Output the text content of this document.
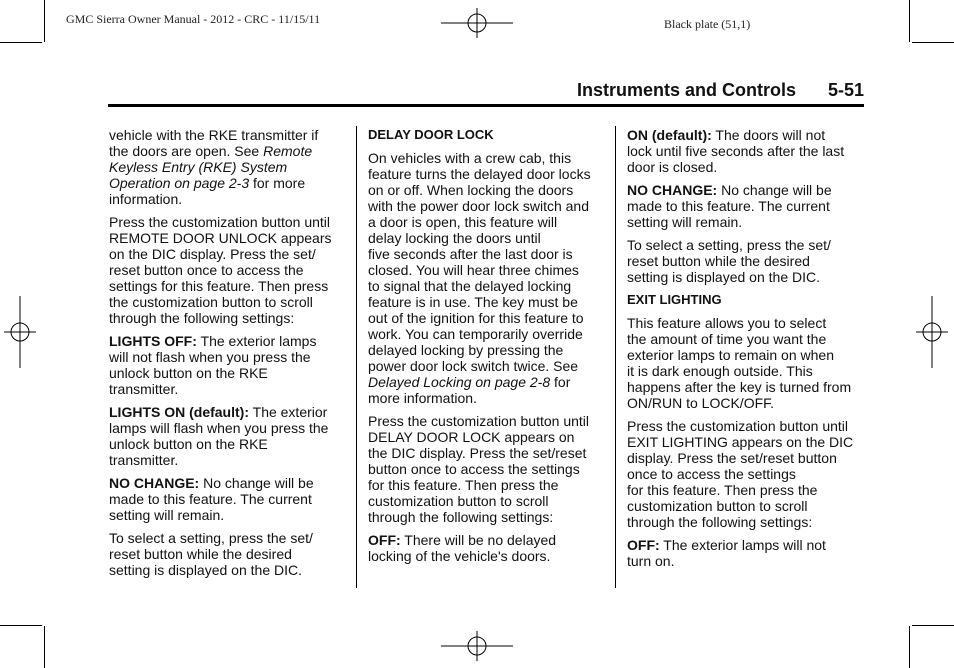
GMC Sierra Owner Manual - 2012 - CRC - 11/15/11	Black plate (51,1)
Instruments and Controls 5-51

vehicle with the RKE transmitter if
the doors are open. See Remote
Keyless Entry (RKE) System
Operation on page 2-3 for more
information.

Press the customization button until
REMOTE DOOR UNLOCK appears
on the DIC display. Press the set/
reset button once to access the
settings for this feature. Then press
the customization button to scroll
through the following settings:

LIGHTS OFF: The exterior lamps
will not flash when you press the
unlock button on the RKE
transmitter.

LIGHTS ON (default): The exterior
lamps will flash when you press the
unlock button on the RKE
transmitter.

NO CHANGE: No change will be
made to this feature. The current
setting will remain.

To select a setting, press the set/
reset button while the desired
setting is displayed on the DIC.

DELAY DOOR LOCK

On vehicles with a crew cab, this
feature turns the delayed door locks
on or off. When locking the doors
with the power door lock switch and
a door is open, this feature will
delay locking the doors until
five seconds after the last door is
closed. You will hear three chimes
to signal that the delayed locking
feature is in use. The key must be
out of the ignition for this feature to
work. You can temporarily override
delayed locking by pressing the
power door lock switch twice. See
Delayed Locking on page 2-8 for
more information.

Press the customization button until
DELAY DOOR LOCK appears on
the DIC display. Press the set/reset
button once to access the settings
for this feature. Then press the
customization button to scroll
through the following settings:

OFF: There will be no delayed
locking of the vehicle's doors.

ON (default): The doors will not
lock until five seconds after the last
door is closed.

NO CHANGE: No change will be
made to this feature. The current
setting will remain.

To select a setting, press the set/
reset button while the desired
setting is displayed on the DIC.

EXIT LIGHTING

This feature allows you to select
the amount of time you want the
exterior lamps to remain on when
it is dark enough outside. This
happens after the key is turned from
ON/RUN to LOCK/OFF.

Press the customization button until
EXIT LIGHTING appears on the DIC
display. Press the set/reset button
once to access the settings
for this feature. Then press the
customization button to scroll
through the following settings:

OFF: The exterior lamps will not
turn on.
